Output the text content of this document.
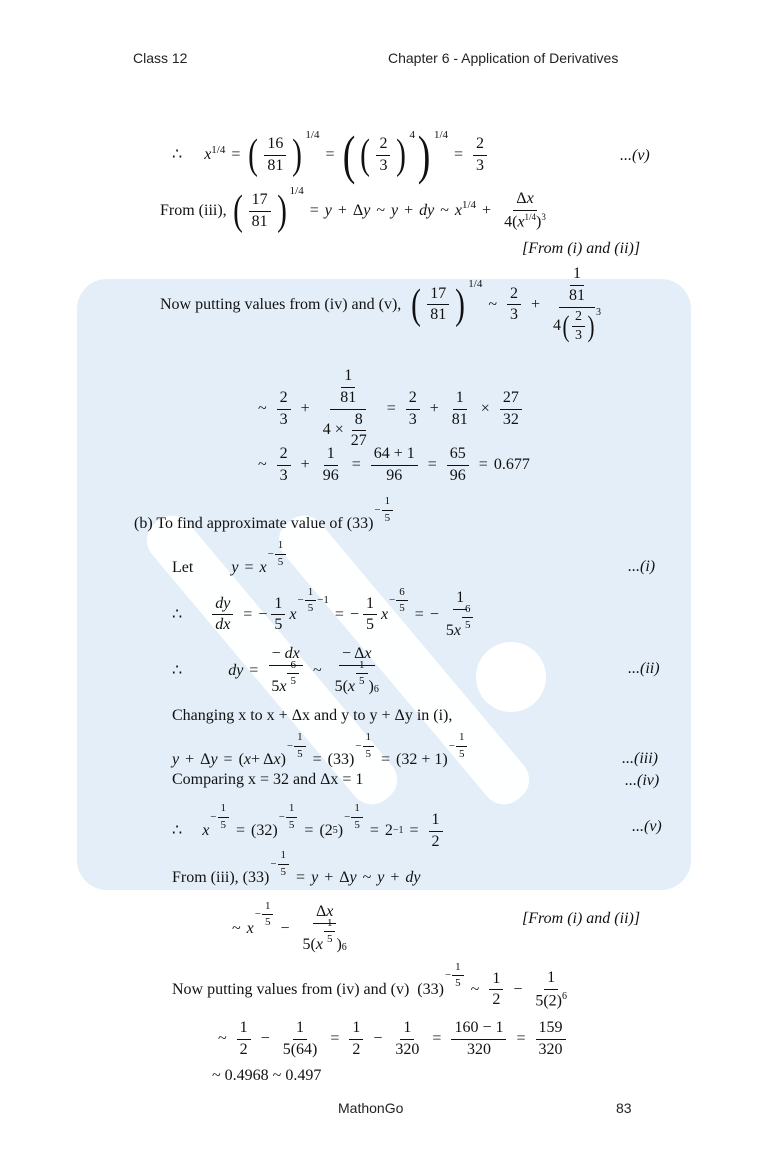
Class 12	Chapter 6 - Application of Derivatives
∴ $x^{1/4}$ = ( $\frac{16}{81}$ ) 1/4
= ( ( $\frac{2}{3}$ ) 4 ) 1/4
= $\frac{2}{3}$	...(v)
From (iii), ( $\frac{17}{81}$ ) 1/4
= y + Δ y ~ y + dy ~ x $1/4 + \frac{\Delta x}{4(x^{1/4})^3}$
[From (i) and (ii)]
Now putting values from (iv) and (v), ( $\frac{17}{81}$ ) 1/4
~ $\frac{2}{3} + \frac{\frac{1}{81}}{4 ( \frac{2}{3} ) 3}$
~ $\frac{2}{3} + \frac{\frac{1}{81}}{4 \times \frac{8}{27}} = \frac{2}{3} + \frac{1}{81} \times \frac{27}{32}$
~ $\frac{2}{3} + \frac{1}{96} = \frac{64 + 1}{96} = \frac{65}{96} = 0.677$
(b) To find approximate value of (33)
− $\frac{1}{5}$
Let y = x
− $\frac{1}{5}$	...(i)
∴ $\frac{dy}{dx}$ = − $\frac{1}{5}$ x
− $\frac{1}{5} -1$
= − $\frac{1}{5}$ x
− $\frac{6}{5}$ = − $\frac{1}{5 x \frac{6}{5}}$
∴	dy = $\frac{- dx}{5 x \frac{6}{5}}$ ~ $\frac{- \Delta x}{5( x \frac{1}{5} )_6}$	...(ii)
Changing x to x + Δx and y to y + Δy in (i),
y + Δ y = ( x + Δ x )
− $\frac{1}{5} = (33)$
− $\frac{1}{5} = (32 + 1)$
− $\frac{1}{5}$	...(iii)
Comparing x = 32 and Δx = 1	...(iv)
∴ x
− $\frac{1}{5} = (32)$
− $\frac{1}{5} = (2$ 5 )
− $\frac{1}{5} = 2 -1 = \frac{1}{2}$	...(v)
From (iii), (33)
− $\frac{1}{5} = y + \Delta$ y ~ y + dy
~ x
− $\frac{1}{5} - \frac{\Delta x}{5( x \frac{1}{5} )_6}$	[From (i) and (ii)]
Now putting values from (iv) and (v) (33)
− $\frac{1}{5}$ ~ $\frac{1}{2} - \frac{1}{5(2)^6}$
~ $\frac{1}{2} - \frac{1}{5(64)} = \frac{1}{2} - \frac{1}{320} = \frac{160 - 1}{320} = \frac{159}{320}$
~ 0.4968 ~ 0.497
MathonGo	83
